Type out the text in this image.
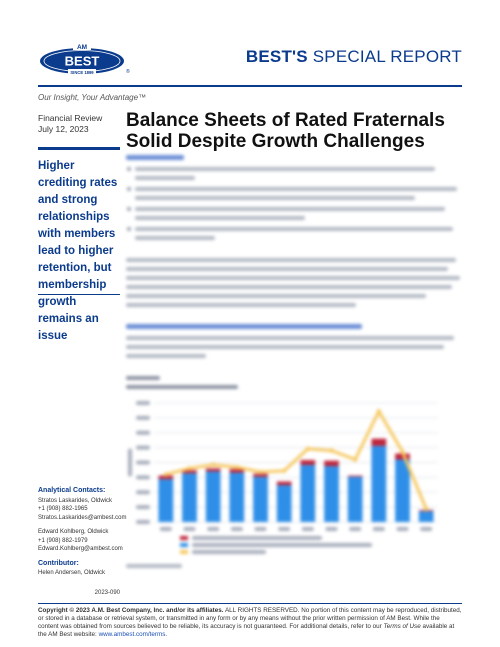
AM
BEST
SINCE 1899	®
BEST'S SPECIAL REPORT
Our Insight, Your Advantage™
Financial Review
July 12, 2023
Higher crediting rates and strong relationships with members lead to higher retention, but membership growth remains an issue
Analytical Contacts:
Stratos Laskarides, Oldwick
+1 (908) 882-1965
Stratos.Laskarides@ambest.com
Edward Kohlberg, Oldwick
+1 (908) 882-1979
Edward.Kohlberg@ambest.com
Contributor:
Helen Andersen, Oldwick
2023-090
Balance Sheets of Rated Fraternals Solid Despite Growth Challenges
Copyright © 2023 A.M. Best Company, Inc. and/or its affiliates. ALL RIGHTS RESERVED. No portion of this content may be reproduced, distributed, or stored in a database or retrieval system, or transmitted in any form or by any means without the prior written permission of AM Best. While the content was obtained from sources believed to be reliable, its accuracy is not guaranteed. For additional details, refer to our Terms of Use available at the AM Best website: www.ambest.com/terms.
